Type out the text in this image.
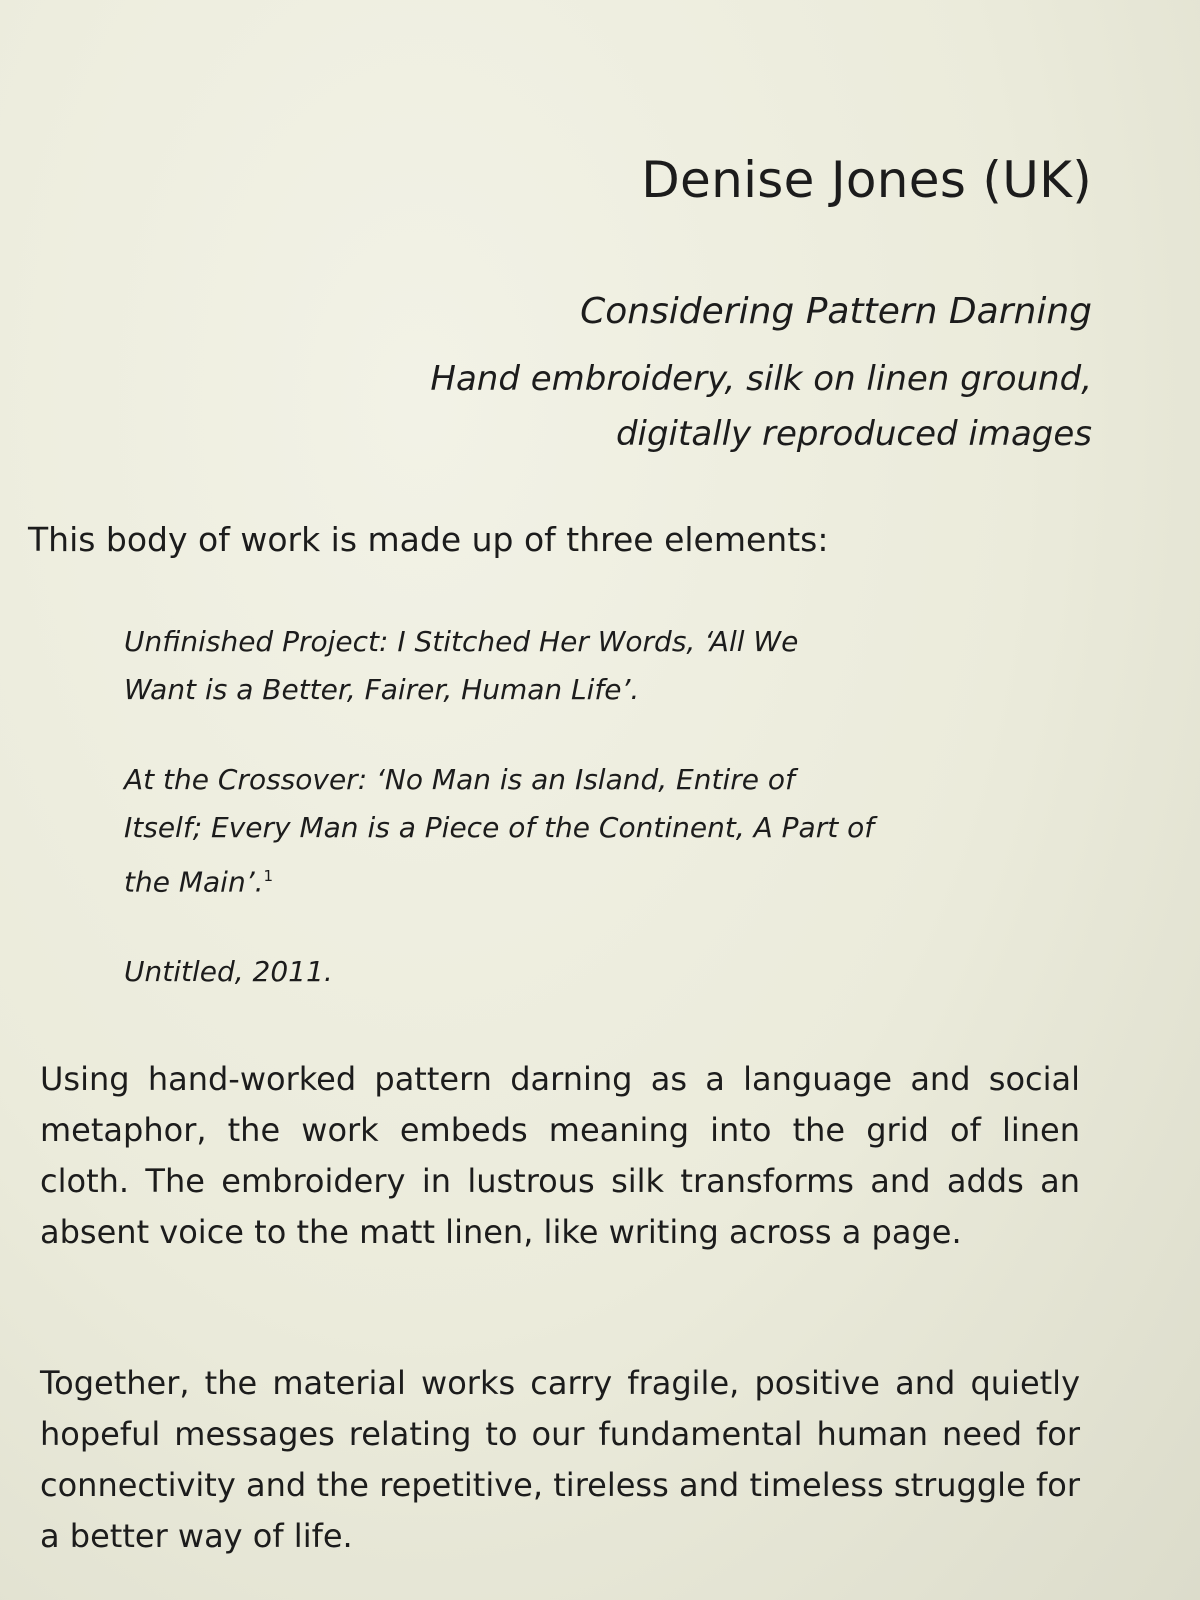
Denise Jones (UK)
Considering Pattern Darning
Hand embroidery, silk on linen ground,
digitally reproduced images
This body of work is made up of three elements:
Unfinished Project: I Stitched Her Words, ‘All We
Want is a Better, Fairer, Human Life’.
At the Crossover: ‘No Man is an Island, Entire of
Itself; Every Man is a Piece of the Continent, A Part of
the Main’.$^1$
Untitled, 2011.
Using hand-worked pattern darning as a language and social metaphor, the work embeds meaning into the grid of linen cloth. The embroidery in lustrous silk transforms and adds an absent voice to the matt linen, like writing across a page.
Together, the material works carry fragile, positive and quietly hopeful messages relating to our fundamental human need for connectivity and the repetitive, tireless and timeless struggle for a better way of life.
